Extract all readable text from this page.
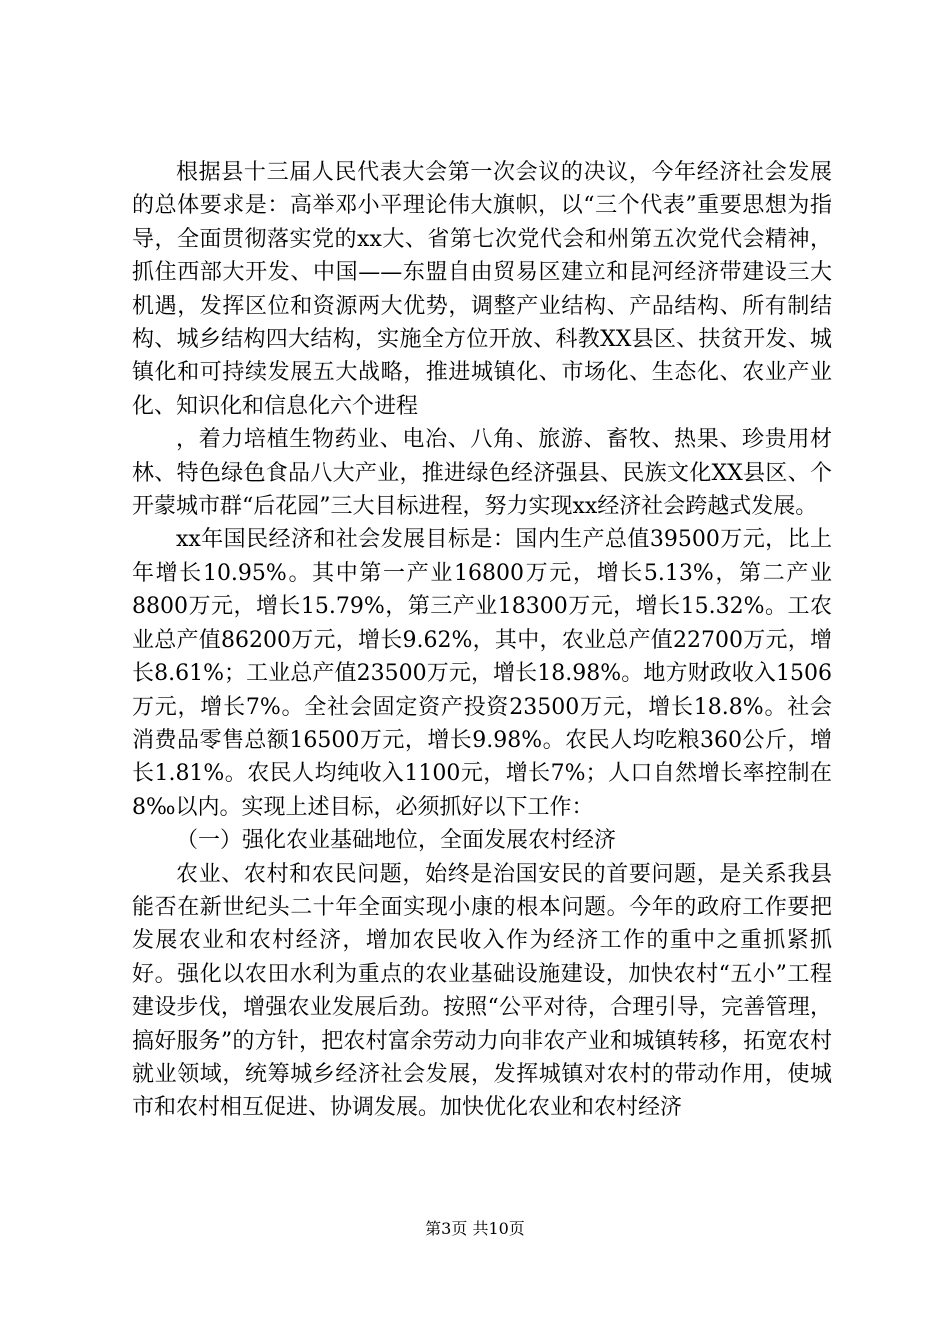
根据县十三届人民代表大会第一次会议的决议，今年经济社会发展的总体要求是：高举邓小平理论伟大旗帜，以“三个代表”重要思想为指导，全面贯彻落实党的xx大、省第七次党代会和州第五次党代会精神，抓住西部大开发、中国——东盟自由贸易区建立和昆河经济带建设三大机遇，发挥区位和资源两大优势，调整产业结构、产品结构、所有制结构、城乡结构四大结构，实施全方位开放、科教XX县区、扶贫开发、城镇化和可持续发展五大战略，推进城镇化、市场化、生态化、农业产业化、知识化和信息化六个进程

，着力培植生物药业、电冶、八角、旅游、畜牧、热果、珍贵用材林、特色绿色食品八大产业，推进绿色经济强县、民族文化XX县区、个开蒙城市群“后花园”三大目标进程，努力实现xx经济社会跨越式发展。

xx年国民经济和社会发展目标是：国内生产总值39500万元，比上年增长10.95%。其中第一产业16800万元，增长5.13%，第二产业8800万元，增长15.79%，第三产业18300万元，增长15.32%。工农业总产值86200万元，增长9.62%，其中，农业总产值22700万元，增长8.61%；工业总产值23500万元，增长18.98%。地方财政收入1506万元，增长7%。全社会固定资产投资23500万元，增长18.8%。社会消费品零售总额16500万元，增长9.98%。农民人均吃粮360公斤，增长1.81%。农民人均纯收入1100元，增长7%；人口自然增长率控制在8‰以内。实现上述目标，必须抓好以下工作：

（一）强化农业基础地位，全面发展农村经济

农业、农村和农民问题，始终是治国安民的首要问题，是关系我县能否在新世纪头二十年全面实现小康的根本问题。今年的政府工作要把发展农业和农村经济，增加农民收入作为经济工作的重中之重抓紧抓好。强化以农田水利为重点的农业基础设施建设，加快农村“五小”工程建设步伐，增强农业发展后劲。按照“公平对待，合理引导，完善管理，搞好服务”的方针，把农村富余劳动力向非农产业和城镇转移，拓宽农村就业领域，统筹城乡经济社会发展，发挥城镇对农村的带动作用，使城市和农村相互促进、协调发展。加快优化农业和农村经济

第3页 共10页
